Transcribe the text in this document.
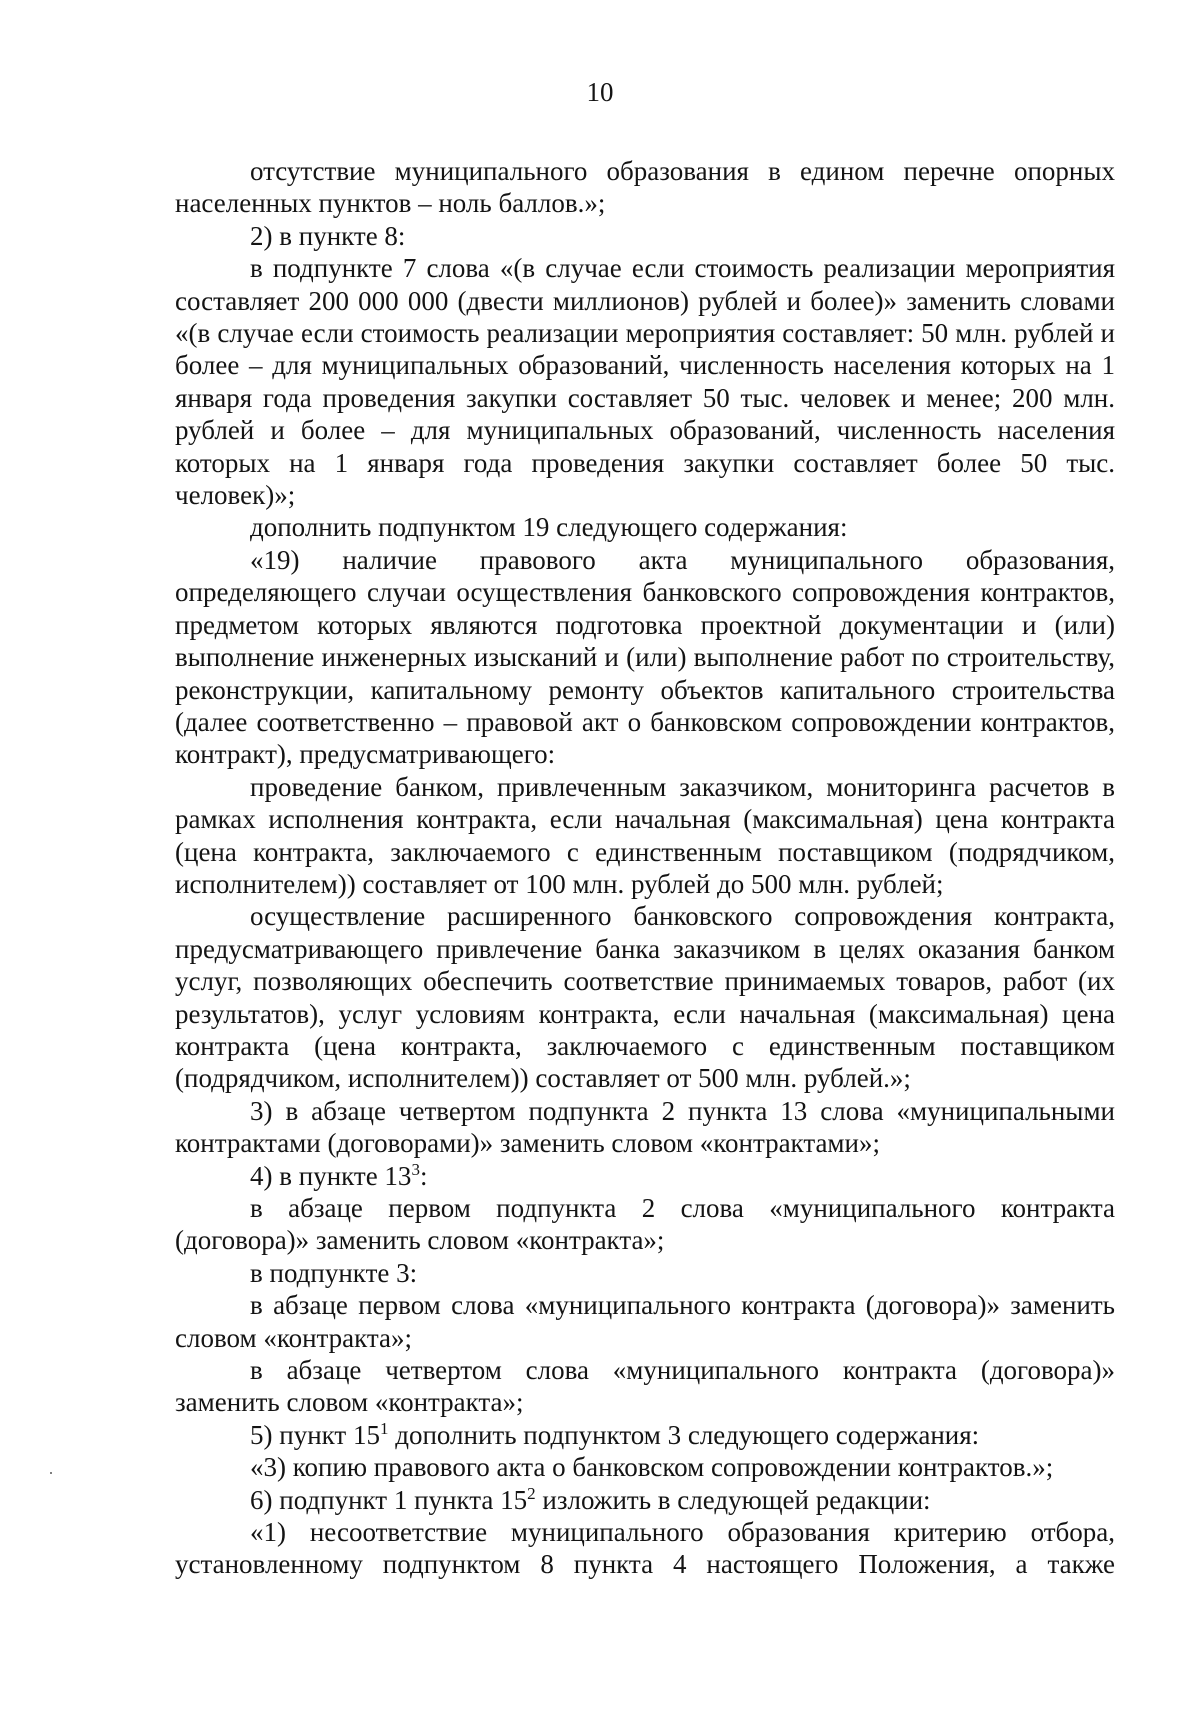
10

отсутствие муниципального образования в едином перечне опорных населенных пунктов – ноль баллов.»;

2) в пункте 8:

в подпункте 7 слова «(в случае если стоимость реализации мероприятия составляет 200 000 000 (двести миллионов) рублей и более)» заменить словами «(в случае если стоимость реализации мероприятия составляет: 50 млн. рублей и более – для муниципальных образований, численность населения которых на 1 января года проведения закупки составляет 50 тыс. человек и менее; 200 млн. рублей и более – для муниципальных образований, численность населения которых на 1 января года проведения закупки составляет более 50 тыс. человек)»;

дополнить подпунктом 19 следующего содержания:

«19) наличие правового акта муниципального образования, определяющего случаи осуществления банковского сопровождения контрактов, предметом которых являются подготовка проектной документации и (или) выполнение инженерных изысканий и (или) выполнение работ по строительству, реконструкции, капитальному ремонту объектов капитального строительства (далее соответственно – правовой акт о банковском сопровождении контрактов, контракт), предусматривающего:

проведение банком, привлеченным заказчиком, мониторинга расчетов в рамках исполнения контракта, если начальная (максимальная) цена контракта (цена контракта, заключаемого с единственным поставщиком (подрядчиком, исполнителем)) составляет от 100 млн. рублей до 500 млн. рублей;

осуществление расширенного банковского сопровождения контракта, предусматривающего привлечение банка заказчиком в целях оказания банком услуг, позволяющих обеспечить соответствие принимаемых товаров, работ (их результатов), услуг условиям контракта, если начальная (максимальная) цена контракта (цена контракта, заключаемого с единственным поставщиком (подрядчиком, исполнителем)) составляет от 500 млн. рублей.»;

3) в абзаце четвертом подпункта 2 пункта 13 слова «муниципальными контрактами (договорами)» заменить словом «контрактами»;

4) в пункте $13^3$:

в абзаце первом подпункта 2 слова «муниципального контракта (договора)» заменить словом «контракта»;

в подпункте 3:

в абзаце первом слова «муниципального контракта (договора)» заменить словом «контракта»;

в абзаце четвертом слова «муниципального контракта (договора)» заменить словом «контракта»;

5) пункт $15^1$ дополнить подпунктом 3 следующего содержания:

«3) копию правового акта о банковском сопровождении контрактов.»;

6) подпункт 1 пункта $15^2$ изложить в следующей редакции:

«1) несоответствие муниципального образования критерию отбора, установленному подпунктом 8 пункта 4 настоящего Положения, а также
